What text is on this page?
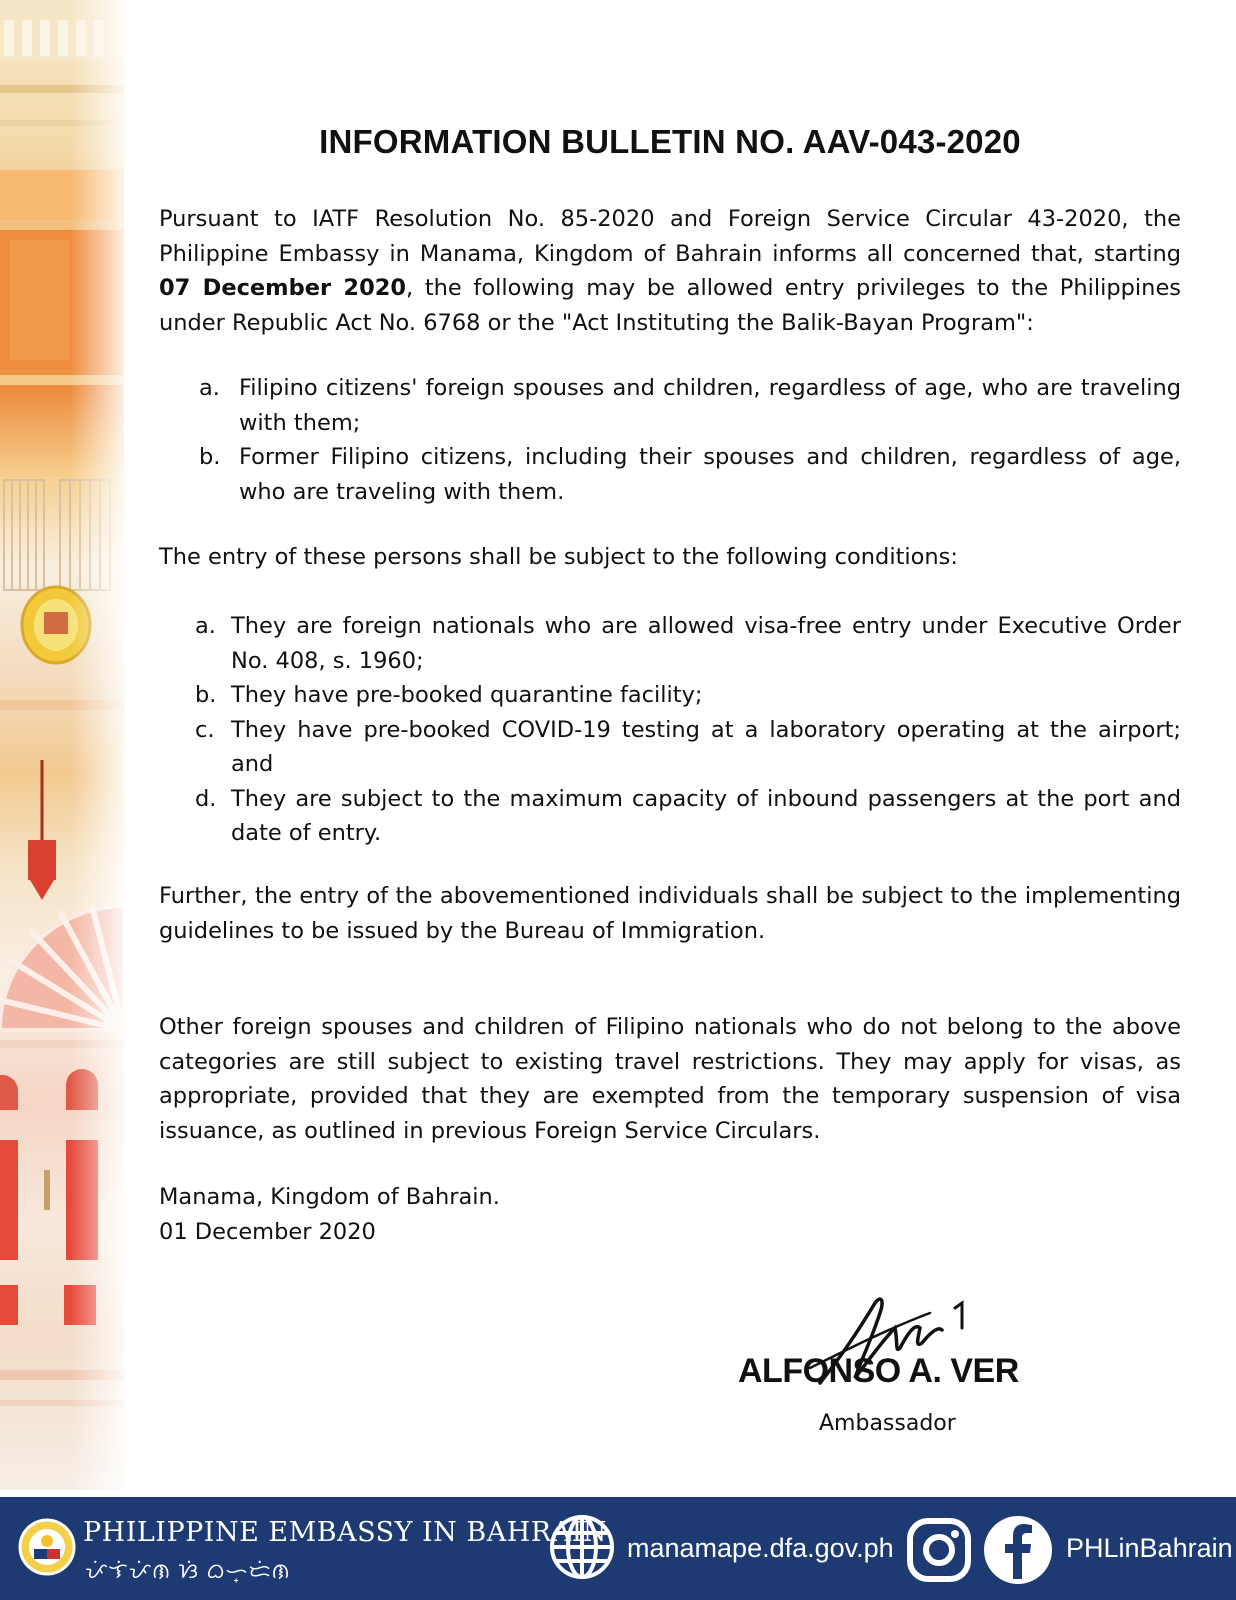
INFORMATION BULLETIN NO. AAV-043-2020

Pursuant to IATF Resolution No. 85-2020 and Foreign Service Circular 43-2020, the Philippine Embassy in Manama, Kingdom of Bahrain informs all concerned that, starting 07 December 2020, the following may be allowed entry privileges to the Philippines under Republic Act No. 6768 or the "Act Instituting the Balik-Bayan Program":

a. Filipino citizens' foreign spouses and children, regardless of age, who are traveling with them;
b. Former Filipino citizens, including their spouses and children, regardless of age, who are traveling with them.

The entry of these persons shall be subject to the following conditions:

a. They are foreign nationals who are allowed visa-free entry under Executive Order No. 408, s. 1960;
b. They have pre-booked quarantine facility;
c. They have pre-booked COVID-19 testing at a laboratory operating at the airport; and
d. They are subject to the maximum capacity of inbound passengers at the port and date of entry.

Further, the entry of the abovementioned individuals shall be subject to the implementing guidelines to be issued by the Bureau of Immigration.

Other foreign spouses and children of Filipino nationals who do not belong to the above categories are still subject to existing travel restrictions. They may apply for visas, as appropriate, provided that they are exempted from the temporary suspension of visa issuance, as outlined in previous Foreign Service Circulars.

Manama, Kingdom of Bahrain.
01 December 2020
ALFONSO A. VER
Ambassador
PHILIPPINE EMBASSY IN BAHRAIN
ᜉᜒᜎᜒᜉᜒᜈ ᜐᜒ ᜊᜑ᜔ᜇᜒᜈ
manamape.dfa.gov.ph	PHLinBahrain
